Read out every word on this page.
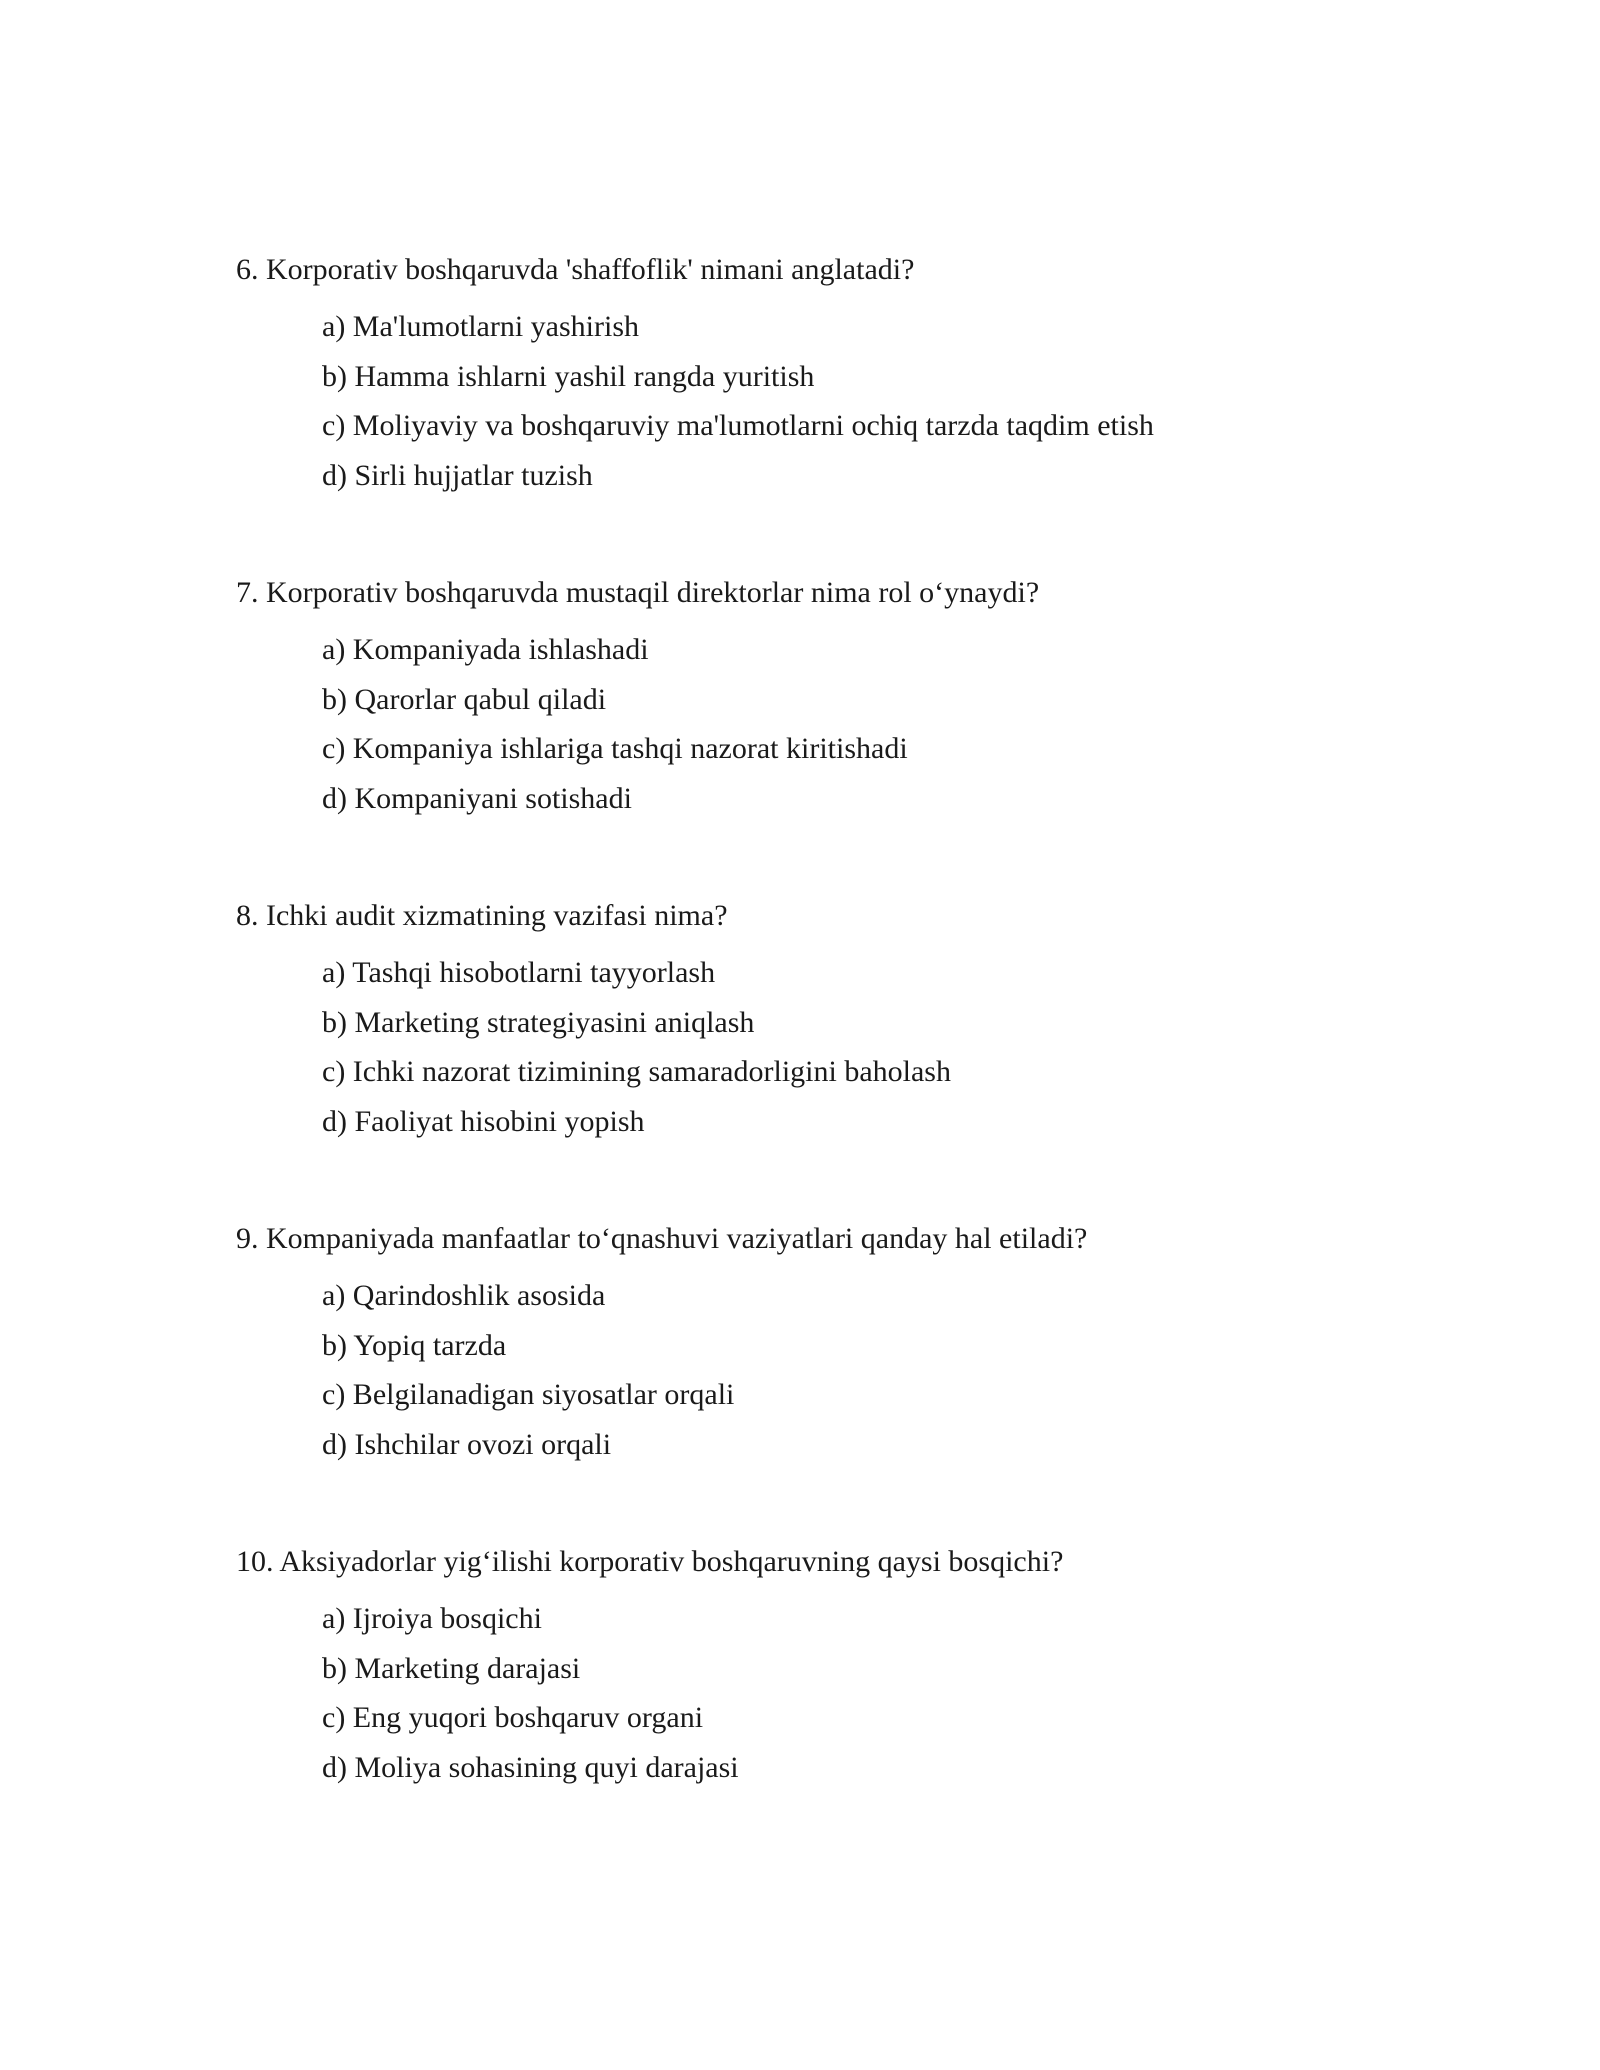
6. Korporativ boshqaruvda 'shaffoflik' nimani anglatadi?

a) Ma'lumotlarni yashirish
b) Hamma ishlarni yashil rangda yuritish
c) Moliyaviy va boshqaruviy ma'lumotlarni ochiq tarzda taqdim etish
d) Sirli hujjatlar tuzish

7. Korporativ boshqaruvda mustaqil direktorlar nima rol o‘ynaydi?

a) Kompaniyada ishlashadi
b) Qarorlar qabul qiladi
c) Kompaniya ishlariga tashqi nazorat kiritishadi
d) Kompaniyani sotishadi

8. Ichki audit xizmatining vazifasi nima?

a) Tashqi hisobotlarni tayyorlash
b) Marketing strategiyasini aniqlash
c) Ichki nazorat tizimining samaradorligini baholash
d) Faoliyat hisobini yopish

9. Kompaniyada manfaatlar to‘qnashuvi vaziyatlari qanday hal etiladi?

a) Qarindoshlik asosida
b) Yopiq tarzda
c) Belgilanadigan siyosatlar orqali
d) Ishchilar ovozi orqali

10. Aksiyadorlar yig‘ilishi korporativ boshqaruvning qaysi bosqichi?

a) Ijroiya bosqichi
b) Marketing darajasi
c) Eng yuqori boshqaruv organi
d) Moliya sohasining quyi darajasi
